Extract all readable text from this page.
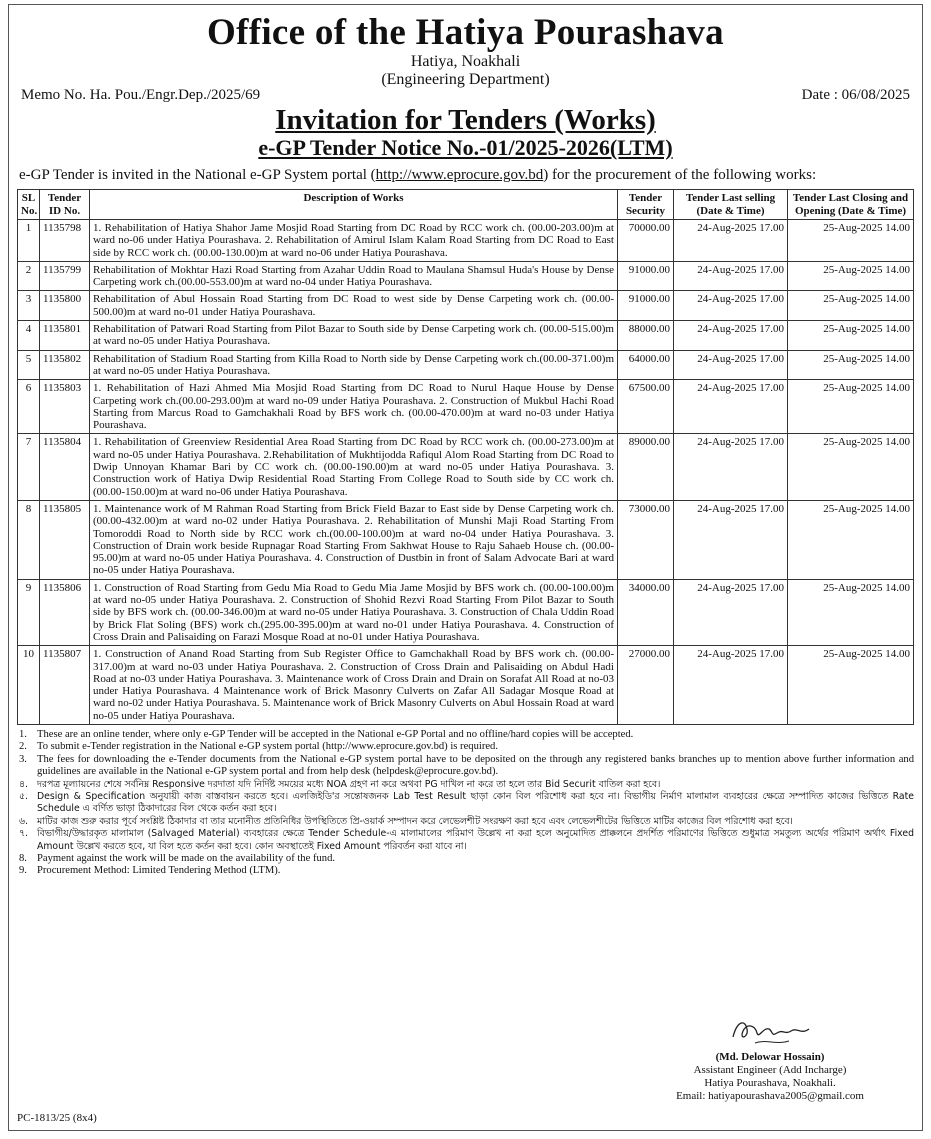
Office of the Hatiya Pourashava
Hatiya, Noakhali
(Engineering Department)
Memo No. Ha. Pou./Engr.Dep./2025/69	Date : 06/08/2025
Invitation for Tenders (Works)
e-GP Tender Notice No.-01/2025-2026(LTM)
e-GP Tender is invited in the National e-GP System portal (http://www.eprocure.gov.bd) for the procurement of the following works:
SL No.	Tender ID No.	Description of Works	Tender Security	Tender Last selling (Date & Time)	Tender Last Closing and Opening (Date & Time)
1	1135798	1. Rehabilitation of Hatiya Shahor Jame Mosjid Road Starting from DC Road by RCC work ch. (00.00-203.00)m at ward no-06 under Hatiya Pourashava. 2. Rehabilitation of Amirul Islam Kalam Road Starting from DC Road to East side by RCC work ch. (00.00-130.00)m at ward no-06 under Hatiya Pourashava.	70000.00	24-Aug-2025 17.00	25-Aug-2025 14.00
2	1135799	Rehabilitation of Mokhtar Hazi Road Starting from Azahar Uddin Road to Maulana Shamsul Huda's House by Dense Carpeting work ch.(00.00-553.00)m at ward no-04 under Hatiya Pourashava.	91000.00	24-Aug-2025 17.00	25-Aug-2025 14.00
3	1135800	Rehabilitation of Abul Hossain Road Starting from DC Road to west side by Dense Carpeting work ch. (00.00-500.00)m at ward no-01 under Hatiya Pourashava.	91000.00	24-Aug-2025 17.00	25-Aug-2025 14.00
4	1135801	Rehabilitation of Patwari Road Starting from Pilot Bazar to South side by Dense Carpeting work ch. (00.00-515.00)m at ward no-05 under Hatiya Pourashava.	88000.00	24-Aug-2025 17.00	25-Aug-2025 14.00
5	1135802	Rehabilitation of Stadium Road Starting from Killa Road to North side by Dense Carpeting work ch.(00.00-371.00)m at ward no-05 under Hatiya Pourashava.	64000.00	24-Aug-2025 17.00	25-Aug-2025 14.00
6	1135803	1. Rehabilitation of Hazi Ahmed Mia Mosjid Road Starting from DC Road to Nurul Haque House by Dense Carpeting work ch.(00.00-293.00)m at ward no-09 under Hatiya Pourashava. 2. Construction of Mukbul Hachi Road Starting from Marcus Road to Gamchakhali Road by BFS work ch. (00.00-470.00)m at ward no-03 under Hatiya Pourashava.	67500.00	24-Aug-2025 17.00	25-Aug-2025 14.00
7	1135804	1. Rehabilitation of Greenview Residential Area Road Starting from DC Road by RCC work ch. (00.00-273.00)m at ward no-05 under Hatiya Pourashava. 2.Rehabilitation of Mukhtijodda Rafiqul Alom Road Starting from DC Road to Dwip Unnoyan Khamar Bari by CC work ch. (00.00-190.00)m at ward no-05 under Hatiya Pourashava. 3. Construction work of Hatiya Dwip Residential Road Starting From College Road to South side by CC work ch.(00.00-150.00)m at ward no-06 under Hatiya Pourashava.	89000.00	24-Aug-2025 17.00	25-Aug-2025 14.00
8	1135805	1. Maintenance work of M Rahman Road Starting from Brick Field Bazar to East side by Dense Carpeting work ch.(00.00-432.00)m at ward no-02 under Hatiya Pourashava. 2. Rehabilitation of Munshi Maji Road Starting From Tomoroddi Road to North side by RCC work ch.(00.00-100.00)m at ward no-04 under Hatiya Pourashava. 3. Construction of Drain work beside Rupnagar Road Starting From Sakhwat House to Raju Sahaeb House ch. (00.00-95.00)m at ward no-05 under Hatiya Pourashava. 4. Construction of Dustbin in front of Salam Advocate Bari at ward no-05 under Hatiya Pourashava.	73000.00	24-Aug-2025 17.00	25-Aug-2025 14.00
9	1135806	1. Construction of Road Starting from Gedu Mia Road to Gedu Mia Jame Mosjid by BFS work ch. (00.00-100.00)m at ward no-05 under Hatiya Pourashava. 2. Construction of Shohid Rezvi Road Starting From Pilot Bazar to South side by BFS work ch. (00.00-346.00)m at ward no-05 under Hatiya Pourashava. 3. Construction of Chala Uddin Road by Brick Flat Soling (BFS) work ch.(295.00-395.00)m at ward no-01 under Hatiya Pourashava. 4. Construction of Cross Drain and Palisaiding on Farazi Mosque Road at no-01 under Hatiya Pourashava.	34000.00	24-Aug-2025 17.00	25-Aug-2025 14.00
10	1135807	1. Construction of Anand Road Starting from Sub Register Office to Gamchakhall Road by BFS work ch. (00.00-317.00)m at ward no-03 under Hatiya Pourashava. 2. Construction of Cross Drain and Palisaiding on Abdul Hadi Road at no-03 under Hatiya Pourashava. 3. Maintenance work of Cross Drain and Drain on Sorafat All Road at no-03 under Hatiya Pourashava. 4 Maintenance work of Brick Masonry Culverts on Zafar All Sadagar Mosque Road at ward no-02 under Hatiya Pourashava. 5. Maintenance work of Brick Masonry Culverts on Abul Hossain Road at ward no-05 under Hatiya Pourashava.	27000.00	24-Aug-2025 17.00	25-Aug-2025 14.00
1. These are an online tender, where only e-GP Tender will be accepted in the National e-GP Portal and no offline/hard copies will be accepted.
2. To submit e-Tender registration in the National e-GP system portal (http://www.eprocure.gov.bd) is required.
3. The fees for downloading the e-Tender documents from the National e-GP system portal have to be deposited on the through any registered banks branches up to mention above further information and guidelines are available in the National e-GP system portal and from help desk (helpdesk@eprocure.gov.bd).
৪. দরপত্র মূল্যায়নের শেষে সর্বনিম্ন Responsive দরদাতা যদি নির্দিষ্ট সময়ের মধ্যে NOA গ্রহণ না করে অথবা PG দাখিল না করে তা হলে তার Bid Securit বাতিল করা হবে।
৫. Design & Specification অনুযায়ী কাজ বাস্তবায়ন করতে হবে। এলজিইডি'র সন্তোষজনক Lab Test Result ছাড়া কোন বিল পরিশোধ করা হবে না। বিভাগীয় নির্মাণ মালামাল ব্যবহারের ক্ষেত্রে সম্পাদিত কাজের ভিত্তিতে Rate Schedule এ বর্ণিত ভাড়া ঠিকাদারের বিল থেকে কর্তন করা হবে।
৬. মাটির কাজ শুরু করার পূর্বে সংশ্লিষ্ট ঠিকাদার বা তার মনোনীত প্রতিনিধির উপস্থিতিতে প্রি-ওয়ার্ক সম্পাদন করে লেভেলশীট সংরক্ষণ করা হবে এবং লেভেলশীটের ভিত্তিতে মাটির কাজের বিল পরিশোধ করা হবে।
৭. বিভাগীয়/উদ্ধারকৃত মালামাল (Salvaged Material) ব্যবহারের ক্ষেত্রে Tender Schedule-এ মালামালের পরিমাণ উল্লেখ না করা হলে অনুমোদিত প্রাক্কলনে প্রদর্শিত পরিমাণের ভিত্তিতে শুধুমাত্র সমতুল্য অর্থের পরিমাণ অর্থাৎ Fixed Amount উল্লেখ করতে হবে, যা বিল হতে কর্তন করা হবে। কোন অবস্থাতেই Fixed Amount পরিবর্তন করা যাবে না।
8. Payment against the work will be made on the availability of the fund.
9. Procurement Method: Limited Tendering Method (LTM).
(Md. Delowar Hossain)
Assistant Engineer (Add Incharge)
Hatiya Pourashava, Noakhali.
Email: hatiyapourashava2005@gmail.com
PC-1813/25 (8x4)
